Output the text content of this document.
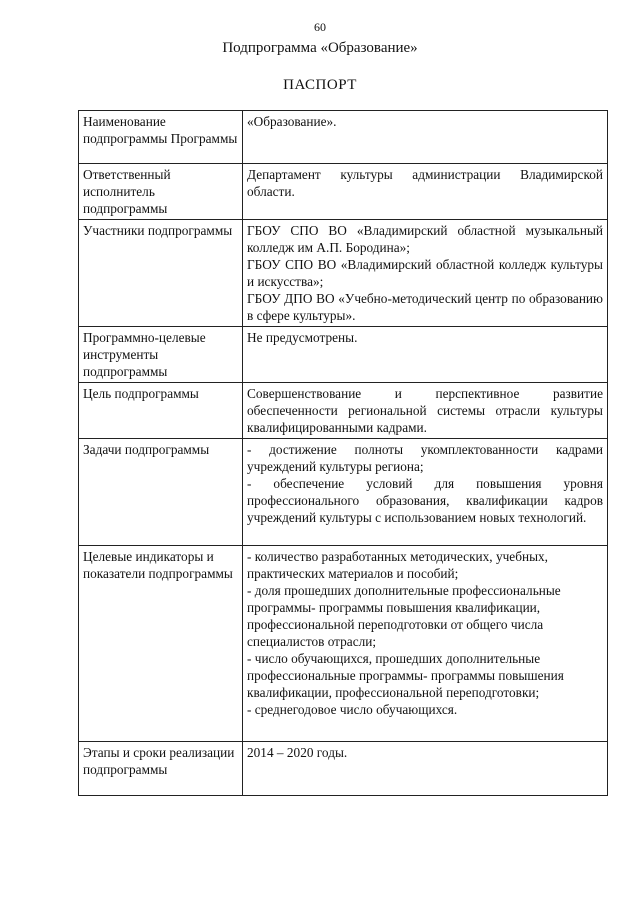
60
Подпрограмма «Образование»
ПАСПОРТ
Наименование подпрограммы Программы	«Образование».

Ответственный исполнитель подпрограммы	Департамент культуры администрации Владимирской области.

Участники подпрограммы	ГБОУ СПО ВО «Владимирский областной музыкальный колледж им А.П. Бородина»;
ГБОУ СПО ВО «Владимирский областной колледж культуры и искусства»;
ГБОУ ДПО ВО «Учебно-методический центр по образованию в сфере культуры».

Программно-целевые инструменты подпрограммы	Не предусмотрены.

Цель подпрограммы	Совершенствование и перспективное развитие обеспеченности региональной системы отрасли культуры квалифицированными кадрами.

Задачи подпрограммы	- достижение полноты укомплектованности кадрами учреждений культуры региона;
- обеспечение условий для повышения уровня профессионального образования, квалификации кадров учреждений культуры с использованием новых технологий.

Целевые индикаторы и показатели подпрограммы	- количество разработанных методических, учебных, практических материалов и пособий;
- доля прошедших дополнительные профессиональные программы- программы повышения квалификации, профессиональной переподготовки от общего числа специалистов отрасли;
- число обучающихся, прошедших дополнительные профессиональные программы- программы повышения квалификации, профессиональной переподготовки;
- среднегодовое число обучающихся.

Этапы и сроки реализации подпрограммы	2014 – 2020 годы.
